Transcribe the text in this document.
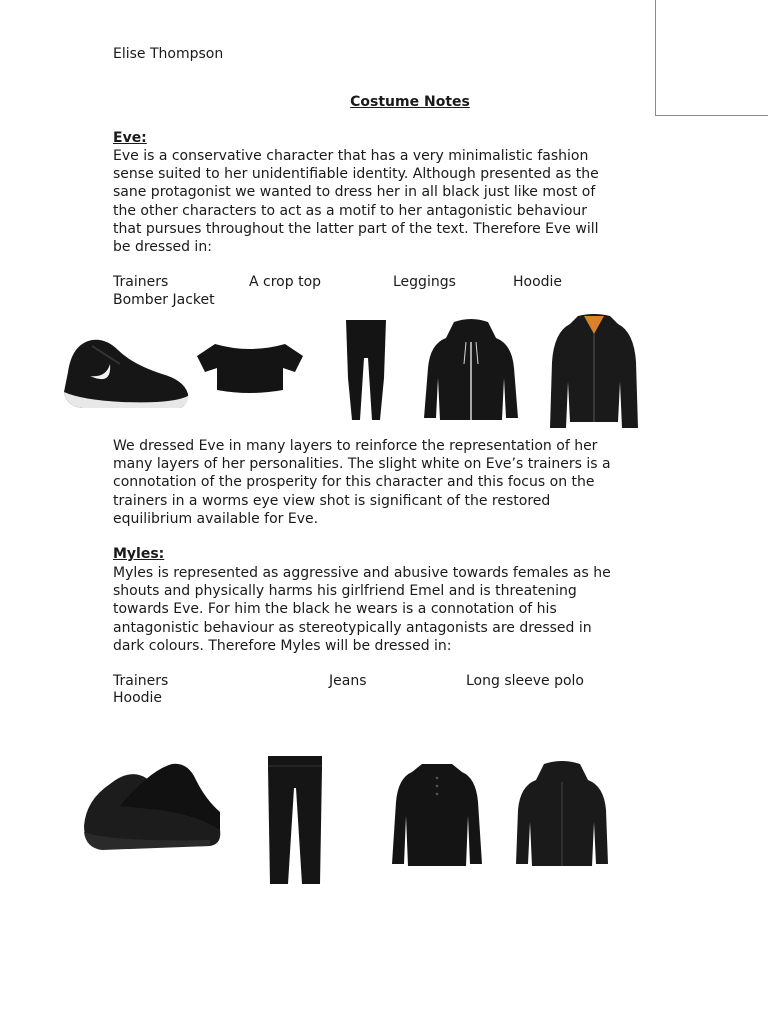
Elise Thompson
Costume Notes
Eve:
Eve is a conservative character that has a very minimalistic fashion
sense suited to her unidentifiable identity. Although presented as the
sane protagonist we wanted to dress her in all black just like most of
the other characters to act as a motif to her antagonistic behaviour
that pursues throughout the latter part of the text. Therefore Eve will
be dressed in:
Trainers	A crop top	Leggings	Hoodie
Bomber Jacket
We dressed Eve in many layers to reinforce the representation of her
many layers of her personalities. The slight white on Eve’s trainers is a
connotation of the prosperity for this character and this focus on the
trainers in a worms eye view shot is significant of the restored
equilibrium available for Eve.
Myles:
Myles is represented as aggressive and abusive towards females as he
shouts and physically harms his girlfriend Emel and is threatening
towards Eve. For him the black he wears is a connotation of his
antagonistic behaviour as stereotypically antagonists are dressed in
dark colours. Therefore Myles will be dressed in:
Trainers	Jeans	Long sleeve polo
Hoodie
